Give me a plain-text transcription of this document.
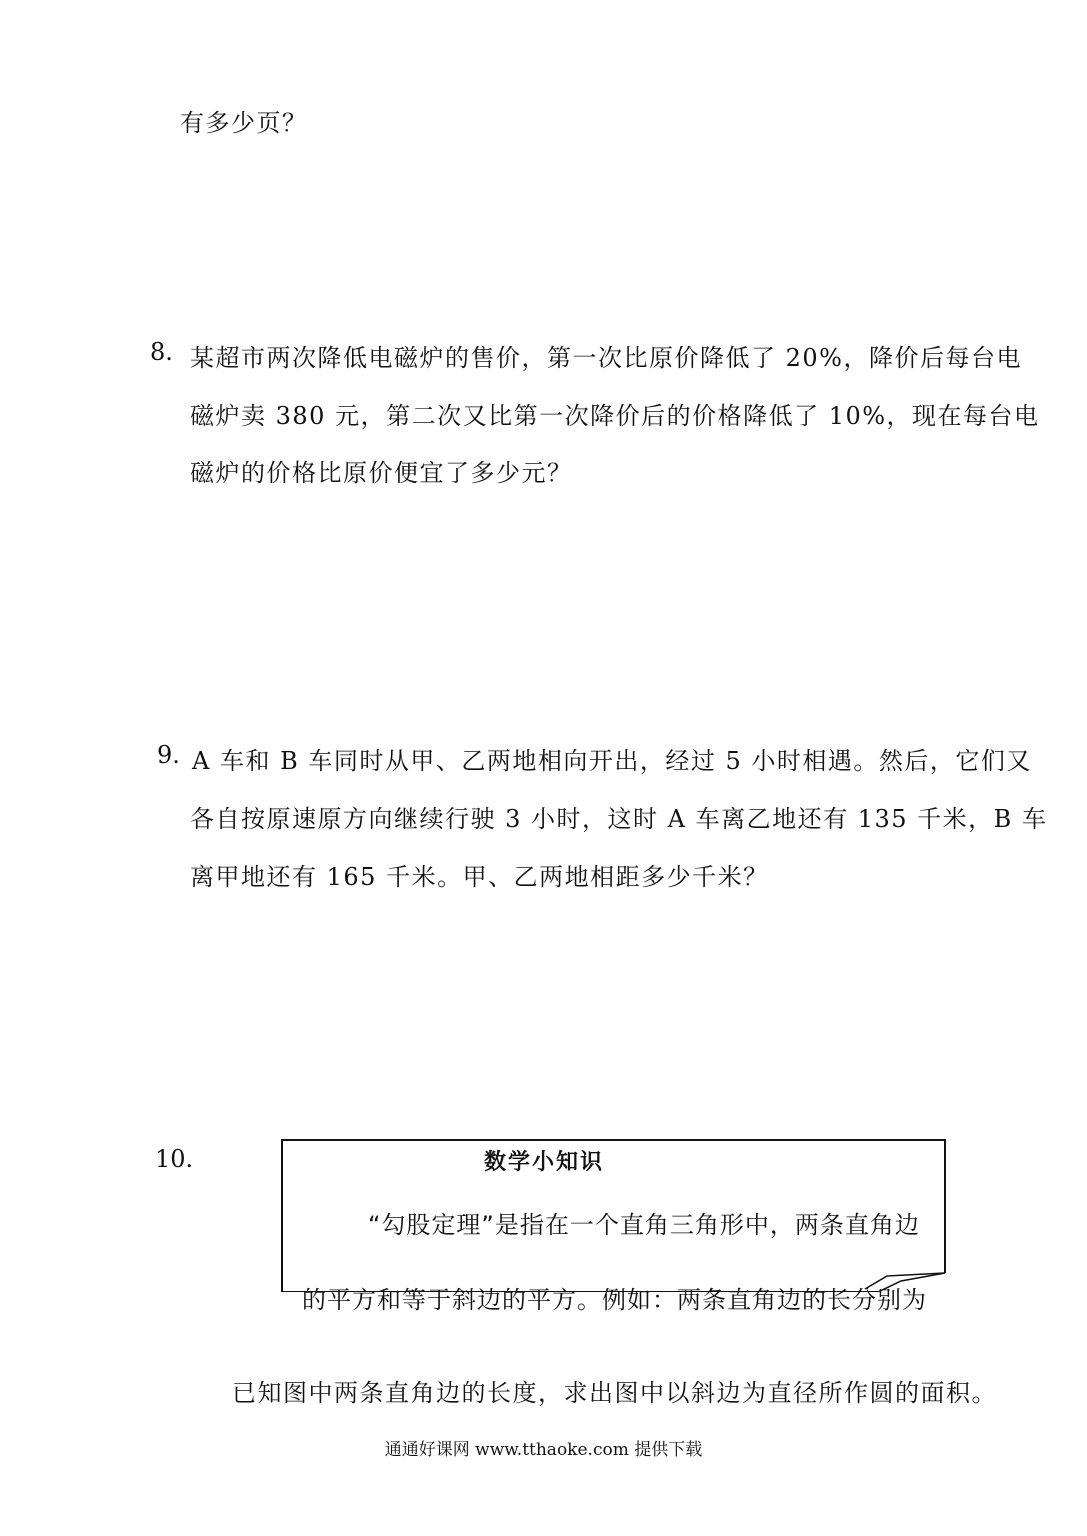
有多少页？
8. 某超市两次降低电磁炉的售价，第一次比原价降低了 20%，降价后每台电
磁炉卖 380 元，第二次又比第一次降价后的价格降低了 10%，现在每台电
磁炉的价格比原价便宜了多少元？
9. A 车和 B 车同时从甲、乙两地相向开出，经过 5 小时相遇。然后，它们又
各自按原速原方向继续行驶 3 小时，这时 A 车离乙地还有 135 千米，B 车
离甲地还有 165 千米。甲、乙两地相距多少千米？
10.	数学小知识
“勾股定理”是指在一个直角三角形中，两条直角边
的平方和等于斜边的平方。例如：两条直角边的长分别为
已知图中两条直角边的长度，求出图中以斜边为直径所作圆的面积。
通通好课网 www.tthaoke.com 提供下载
